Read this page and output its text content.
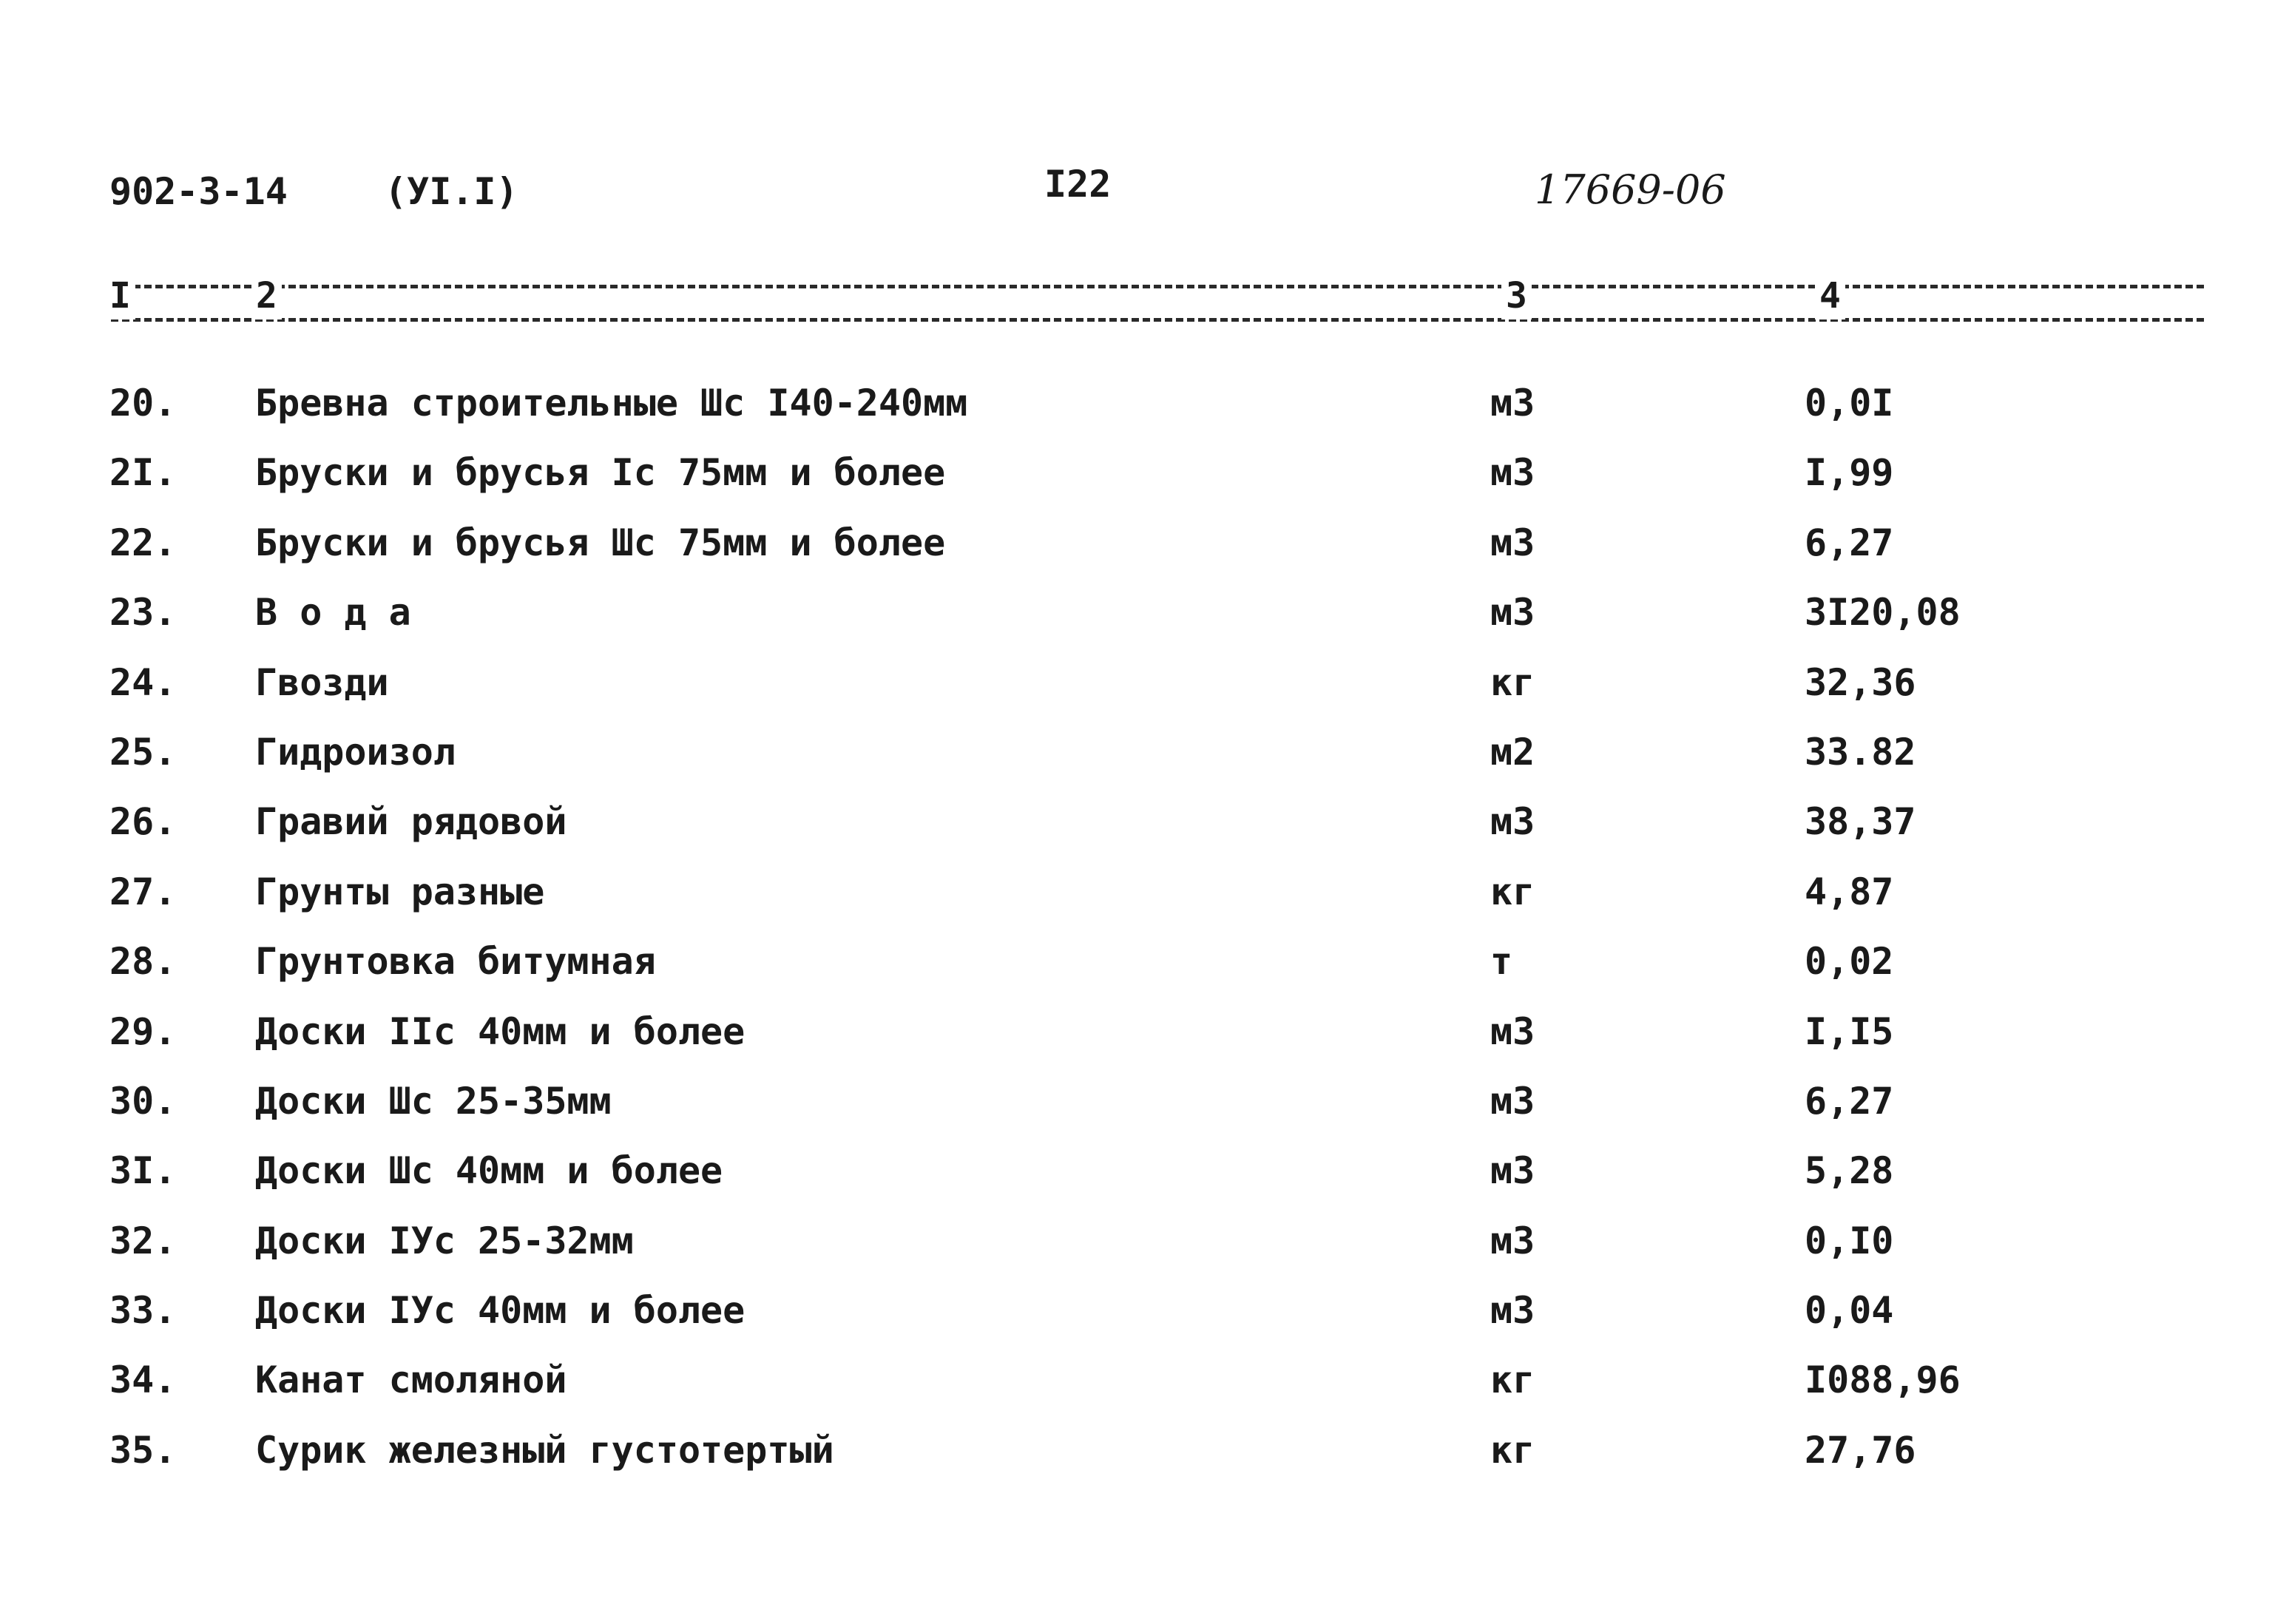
902-3-14	(УI.I)	I22	17669-06
I	2	3	4
20. Бревна строительные Шс I40-240мм	м3	0,0I
2I. Бруски и брусья Iс 75мм и более	м3	I,99
22. Бруски и брусья Шс 75мм и более	м3	6,27
23. В о д а	м3	3I20,08
24. Гвозди	кг	32,36
25. Гидроизол	м2	33.82
26. Гравий рядовой	м3	38,37
27. Грунты разные	кг	4,87
28. Грунтовка битумная	т	0,02
29. Доски IIс 40мм и более	м3	I,I5
30. Доски Шс 25-35мм	м3	6,27
3I. Доски Шс 40мм и более	м3	5,28
32. Доски IУс 25-32мм	м3	0,I0
33. Доски IУс 40мм и более	м3	0,04
34. Канат смоляной	кг	I088,96
35. Сурик железный густотертый	кг	27,76
